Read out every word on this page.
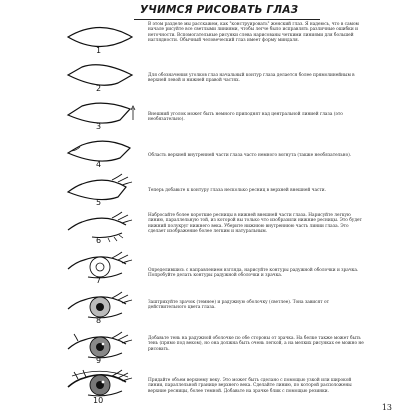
УЧИМСЯ РИСОВАТЬ ГЛАЗ
1
В этом разделе мы расскажем, как "конструировать" женский глаз. Я надеюсь, что в самом начале рисуйте все светлыми линиями, чтобы легче было исправлять различные ошибки и неточности. Вспомогательные рисунки слева нарисованы четкими линиями для большей наглядности. Обычный человеческий глаз имеет форму миндаля.
2
Для обозначения уголков глаз начальный контур глаза делается более прямолинейным в верхней левой и нижней правой частях.
3
Внешний уголок может быть немного приподнят над центральной линией глаза (это необязательно).
4
Область верхней внутренней части глаза часто немного вогнута (также необязательно).
5
Теперь добавьте к контуру глаза несколько ресниц в верхней внешней части.
6
Набросайте более короткие ресницы в нижней внешней части глаза. Нарисуйте легкую линию, параллельную той, из которой вы только что изобразили нижние ресницы. Это будет нижний полукруг нижнего века. Уберите нижнюю внутреннюю часть линии глаза. Это сделает изображение более легким и натуральным.
7
Определившись с направлением взгляда, нарисуйте контуры радужной оболочки и зрачка. Попробуйте делать контуры радужной оболочки и зрачка.
8
Заштрихуйте зрачок (темнее) и радужную оболочку (светлее). Тона зависят от действительного цвета глаза.
9
Добавьте тень на радужной оболочке по обе стороны от зрачка. На белке также может быть тень (прямо под веком), но она должна быть очень легкой, а на мелких рисунках ее можно не рисовать.
10
Придайте объем верхнему веку. Это может быть сделано с помощью узкой или широкой линии, параллельной границе верхнего века. Сделайте линию, по которой расположены верхние ресницы, более темной. Добавьте на зрачке блик с помощью резинки.
13
